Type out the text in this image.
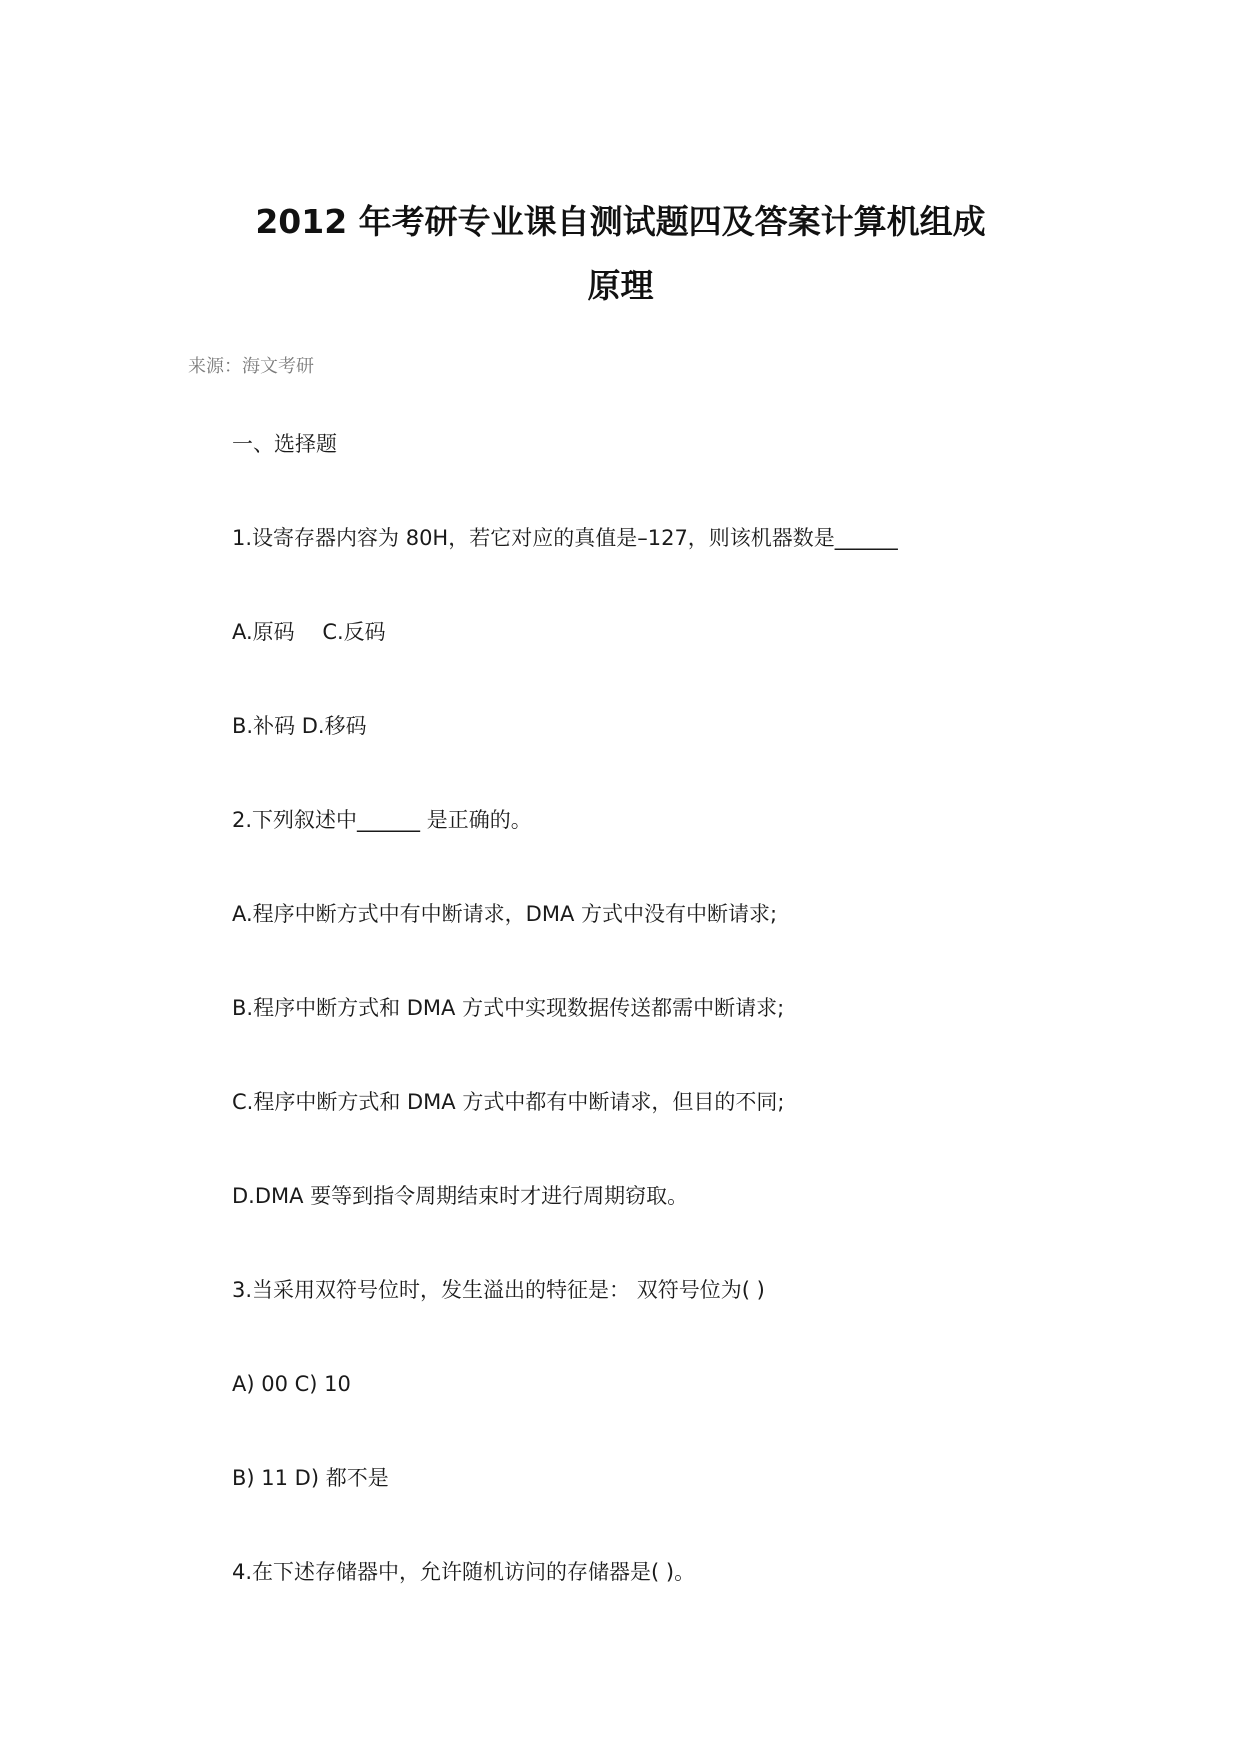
2012 年考研专业课自测试题四及答案计算机组成
原理
来源：海文考研
一、选择题
1.设寄存器内容为 80H，若它对应的真值是–127，则该机器数是______
A.原码　 C.反码
B.补码 D.移码
2.下列叙述中______ 是正确的。
A.程序中断方式中有中断请求，DMA 方式中没有中断请求;
B.程序中断方式和 DMA 方式中实现数据传送都需中断请求;
C.程序中断方式和 DMA 方式中都有中断请求，但目的不同;
D.DMA 要等到指令周期结束时才进行周期窃取。
3.当采用双符号位时，发生溢出的特征是： 双符号位为( )
A) 00 C) 10
B) 11 D) 都不是
4.在下述存储器中，允许随机访问的存储器是( )。
